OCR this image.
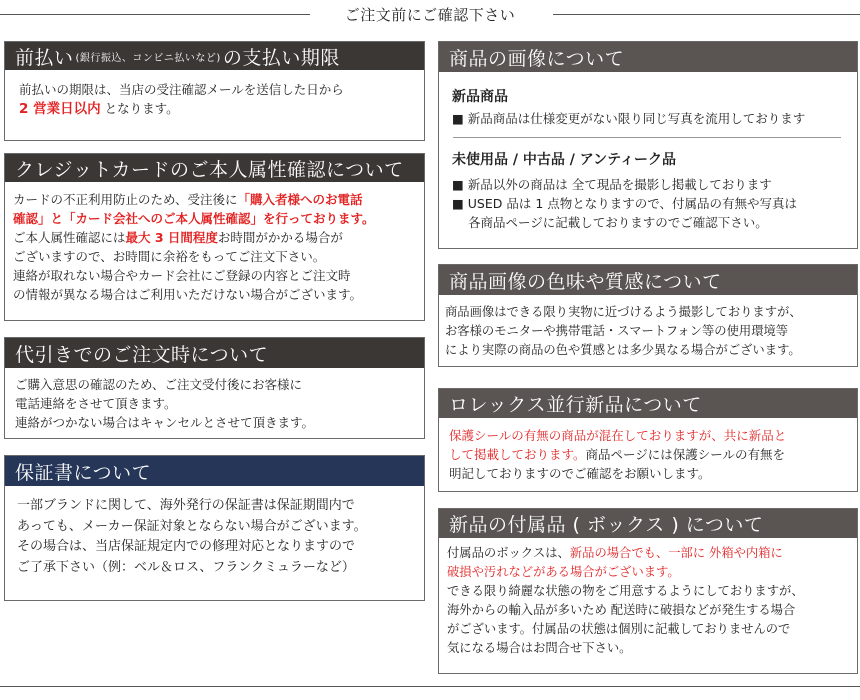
ご注文前にご確認下さい
前払い (銀行振込、コンビニ払いなど) の支払い期限
前払いの期限は、当店の受注確認メールを送信した日から
2 営業日以内 となります。
クレジットカードのご本人属性確認について
カードの不正利用防止のため、受注後に「購入者様へのお電話
確認」と「カード会社へのご本人属性確認」を行っております。
ご本人属性確認には最大 3 日間程度お時間がかかる場合が
ございますので、お時間に余裕をもってご注文下さい。
連絡が取れない場合やカード会社にご登録の内容とご注文時
の情報が異なる場合はご利用いただけない場合がございます。
代引きでのご注文時について
ご購入意思の確認のため、ご注文受付後にお客様に
電話連絡をさせて頂きます。
連絡がつかない場合はキャンセルとさせて頂きます。
保証書について
一部ブランドに関して、海外発行の保証書は保証期間内で
あっても、メーカー保証対象とならない場合がございます。
その場合は、当店保証規定内での修理対応となりますので
ご了承下さい（例：ベル＆ロス、フランクミュラーなど）
商品の画像について
新品商品
■ 新品商品は仕様変更がない限り同じ写真を流用しております
未使用品 / 中古品 / アンティーク品
■ 新品以外の商品は 全て現品を撮影し掲載しております
■ USED 品は 1 点物となりますので、付属品の有無や写真は
各商品ページに記載しておりますのでご確認下さい。
商品画像の色味や質感について
商品画像はできる限り実物に近づけるよう撮影しておりますが、
お客様のモニターや携帯電話・スマートフォン等の使用環境等
により実際の商品の色や質感とは多少異なる場合がございます。
ロレックス並行新品について
保護シールの有無の商品が混在しておりますが、共に新品と
して掲載しております。商品ページには保護シールの有無を
明記しておりますのでご確認をお願いします。
新品の付属品 ( ボックス ) について
付属品のボックスは、新品の場合でも、一部に 外箱や内箱に
破損や汚れなどがある場合がございます。
できる限り綺麗な状態の物をご用意するようにしておりますが、
海外からの輸入品が多いため 配送時に破損などが発生する場合
がございます。付属品の状態は個別に記載しておりませんので
気になる場合はお問合せ下さい。
